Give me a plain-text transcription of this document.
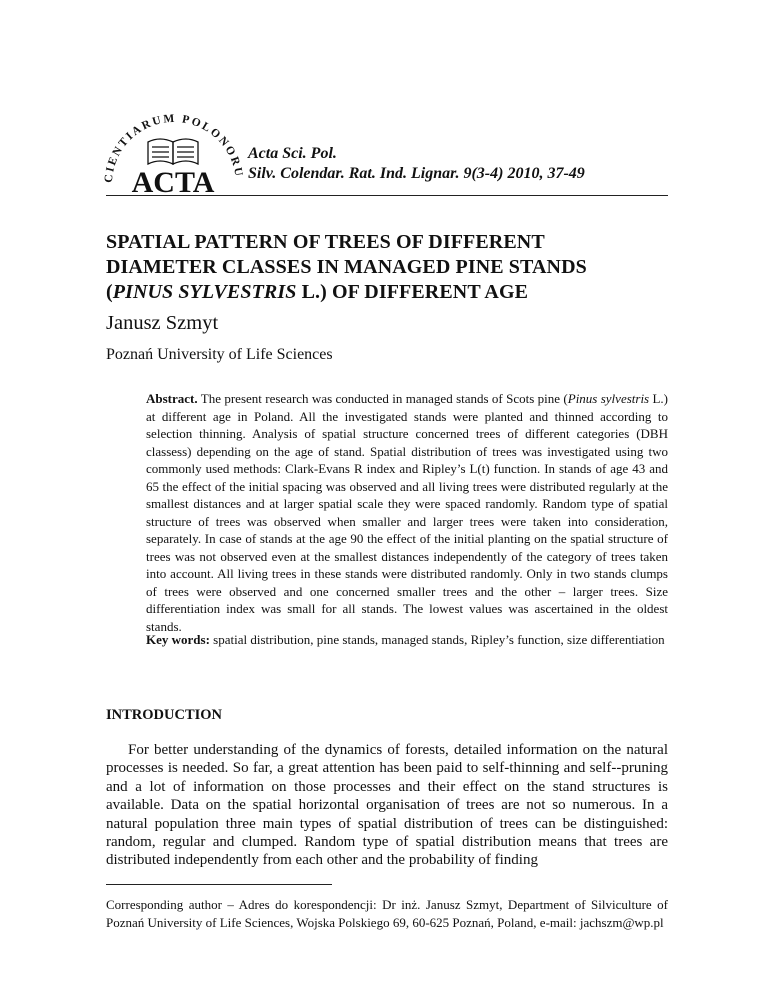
CIENTIARUM POLONORU
ACTA
Acta Sci. Pol.
Silv. Colendar. Rat. Ind. Lignar. 9(3-4) 2010, 37-49
SPATIAL PATTERN OF TREES OF DIFFERENT
DIAMETER CLASSES IN MANAGED PINE STANDS
(PINUS SYLVESTRIS L.) OF DIFFERENT AGE
Janusz Szmyt
Poznań University of Life Sciences

Abstract. The present research was conducted in managed stands of Scots pine (Pinus sylvestris L.) at different age in Poland. All the investigated stands were planted and thinned according to selection thinning. Analysis of spatial structure concerned trees of different categories (DBH classess) depending on the age of stand. Spatial distribution of trees was investigated using two commonly used methods: Clark-Evans R index and Ripley’s L(t) function. In stands of age 43 and 65 the effect of the initial spacing was observed and all living trees were distributed regularly at the smallest distances and at larger spatial scale they were spaced randomly. Random type of spatial structure of trees was observed when smaller and larger trees were taken into consideration, separately. In case of stands at the age 90 the effect of the initial planting on the spatial structure of trees was not observed even at the smallest distances independently of the category of trees taken into account. All living trees in these stands were distributed randomly. Only in two stands clumps of trees were observed and one concerned smaller trees and the other – larger trees. Size differentiation index was small for all stands. The lowest values was ascertained in the oldest stands.

Key words: spatial distribution, pine stands, managed stands, Ripley’s function, size differentiation
INTRODUCTION

For better understanding of the dynamics of forests, detailed information on the natural processes is needed. So far, a great attention has been paid to self-thinning and self--pruning and a lot of information on those processes and their effect on the stand structures is available. Data on the spatial horizontal organisation of trees are not so numerous. In a natural population three main types of spatial distribution of trees can be distinguished: random, regular and clumped. Random type of spatial distribution means that trees are distributed independently from each other and the probability of finding

Corresponding author – Adres do korespondencji: Dr inż. Janusz Szmyt, Department of Silviculture of Poznań University of Life Sciences, Wojska Polskiego 69, 60-625 Poznań, Poland, e-mail: jachszm@wp.pl
